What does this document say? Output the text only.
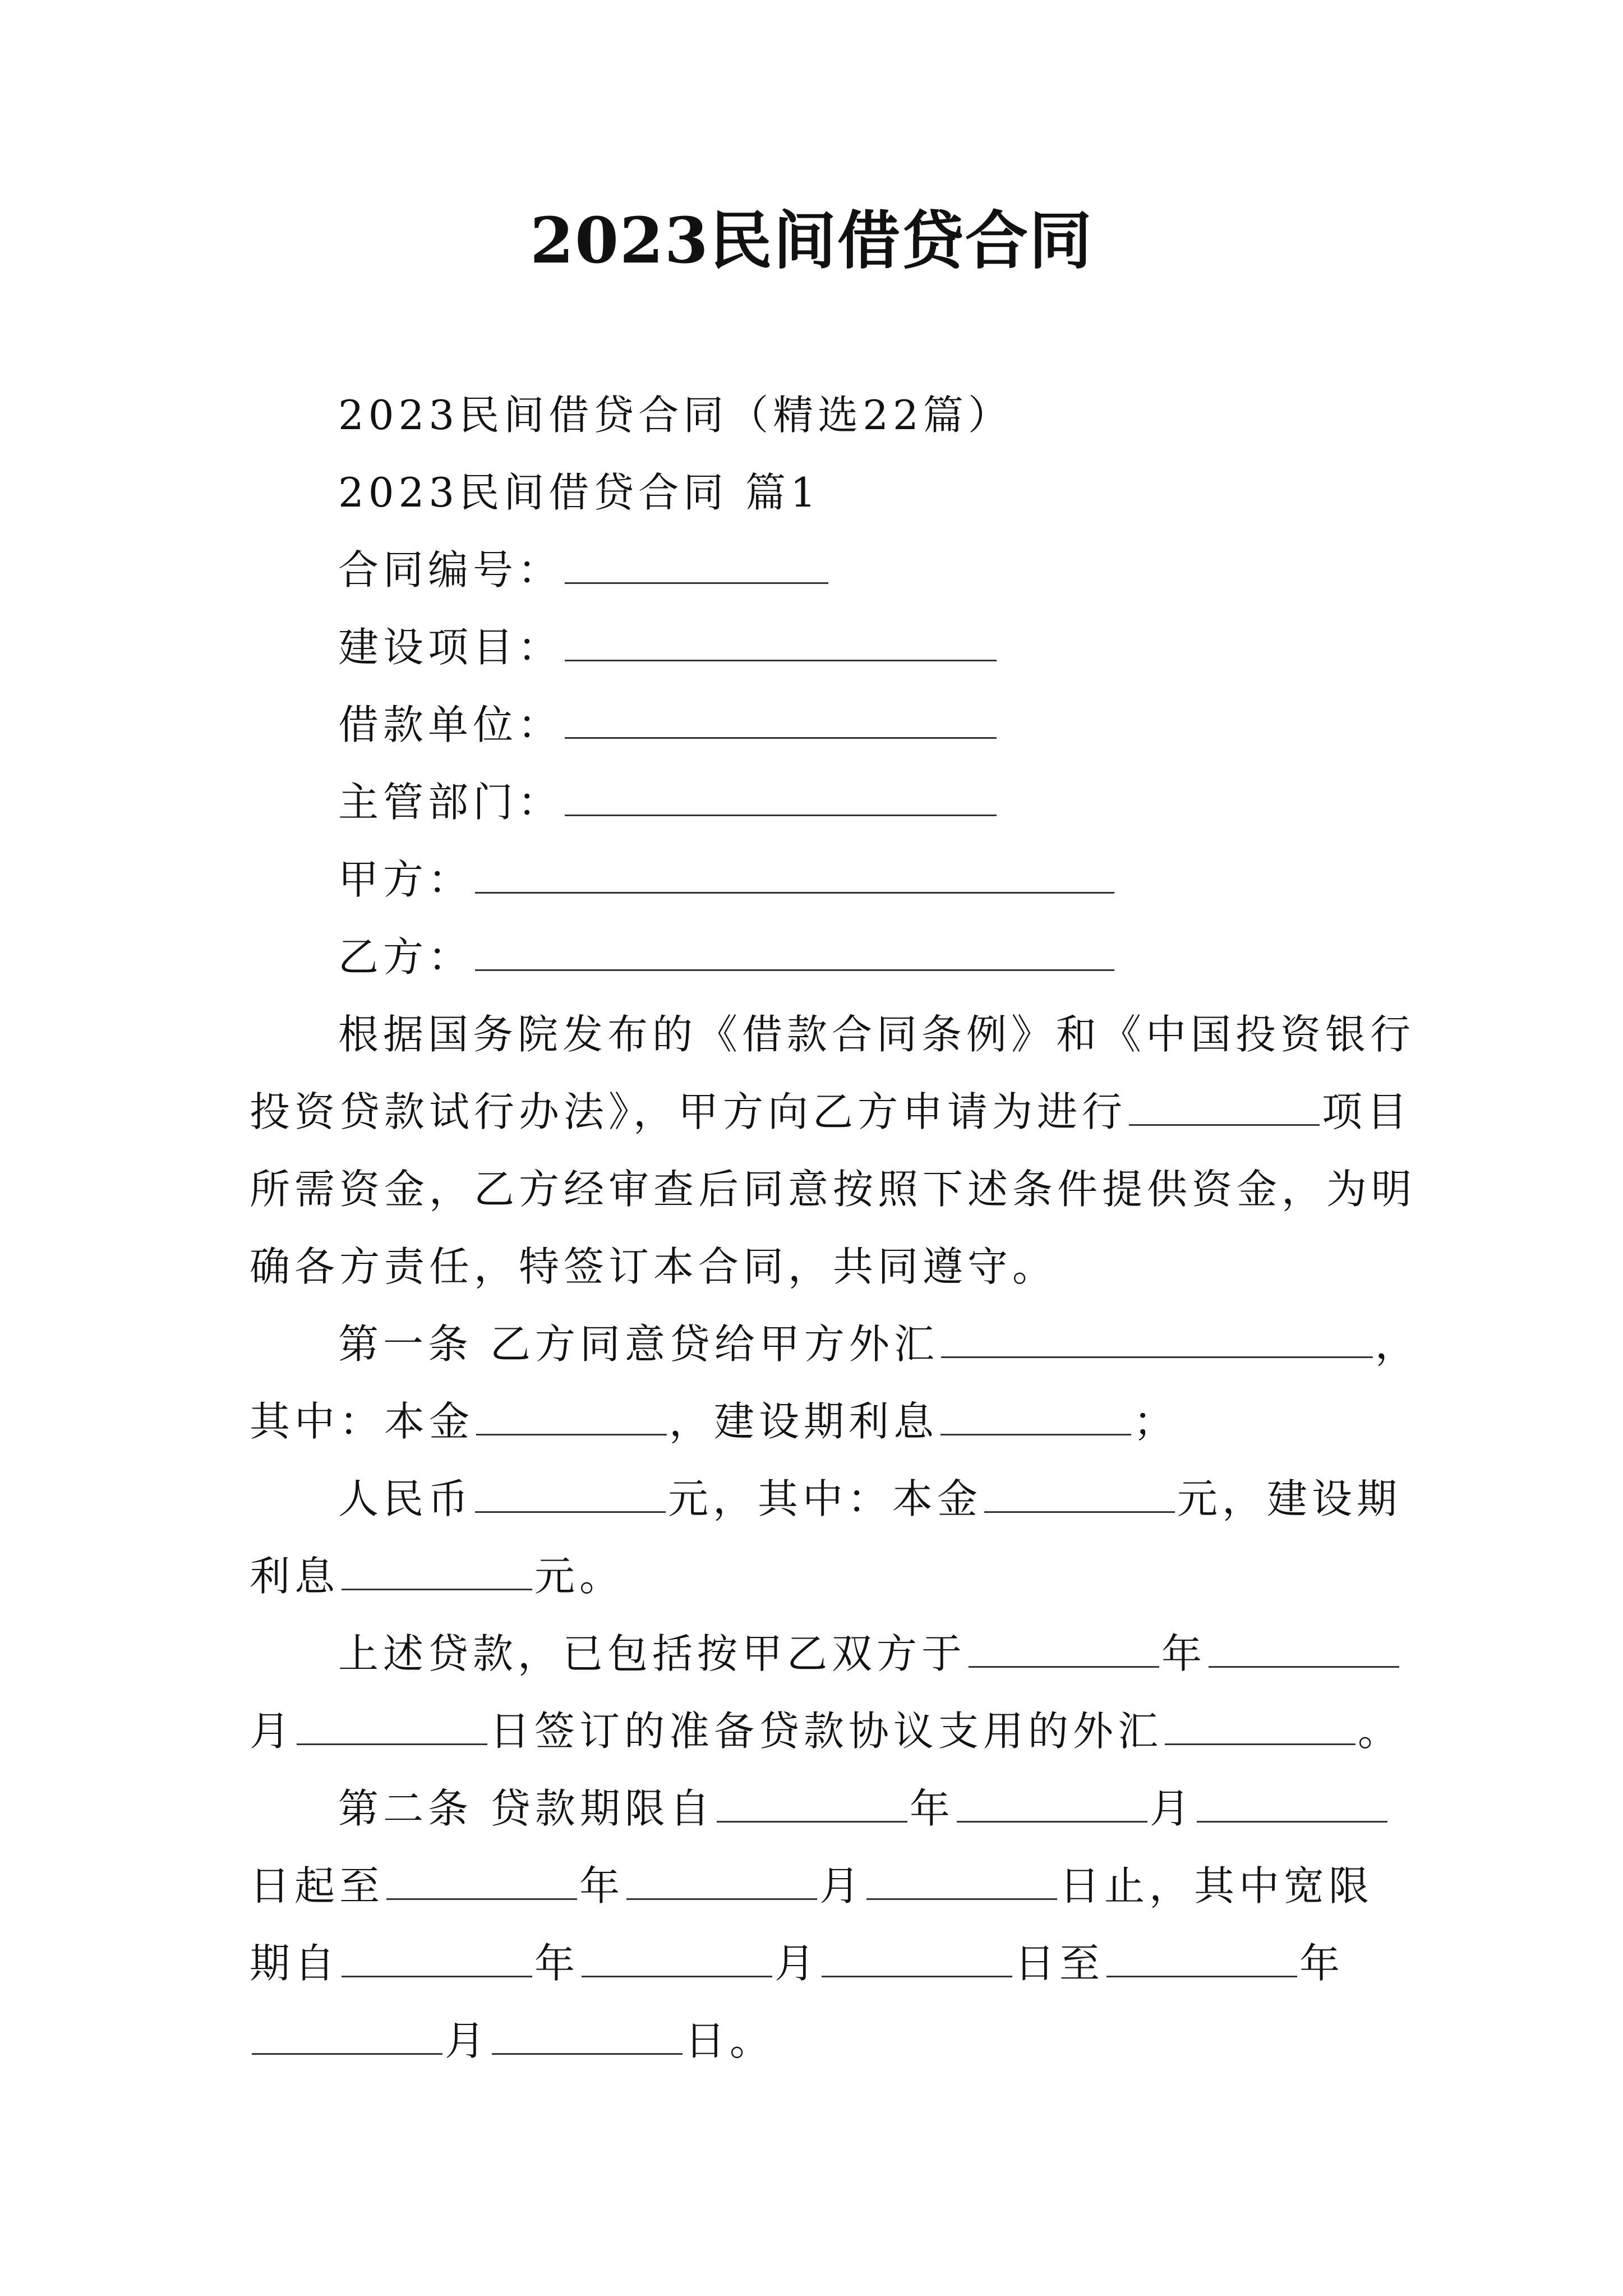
2023民间借贷合同
2023民间借贷合同（精选22篇）
2023民间借贷合同 篇1
合同编号：
建设项目：
借款单位：
主管部门：
甲方：
乙方：
根据国务院发布的《借款合同条例》和《中国投资银行
投资贷款试行办法》，甲方向乙方申请为进行	项目
所需资金，乙方经审查后同意按照下述条件提供资金，为明
确各方责任，特签订本合同，共同遵守。
第一条 乙方同意贷给甲方外汇	，
其中：本金	，建设期利息	；
人民币	元，其中：本金	元，建设期
利息	元。
上述贷款，已包括按甲乙双方于	年
月	日签订的准备贷款协议支用的外汇	。
第二条 贷款期限自	年	月
日起至	年	月	日止，其中宽限
期自	年	月	日至	年
月	日。
